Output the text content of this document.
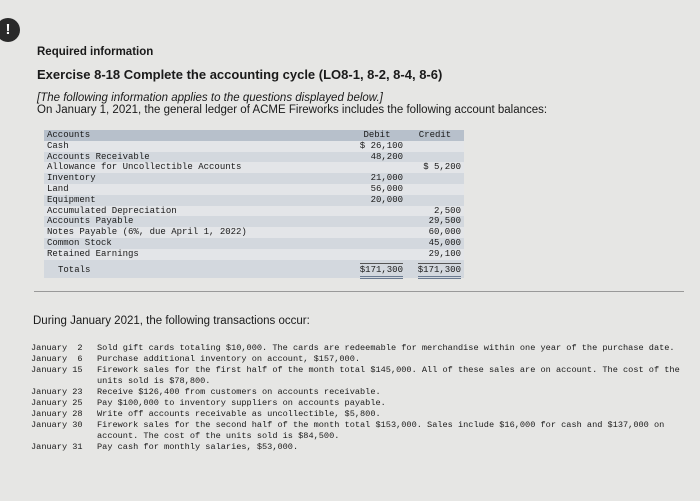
!
Required information
Exercise 8-18 Complete the accounting cycle (LO8-1, 8-2, 8-4, 8-6)
[The following information applies to the questions displayed below.]
On January 1, 2021, the general ledger of ACME Fireworks includes the following account balances:
Accounts	Debit	Credit
Cash	$ 26,100	
Accounts Receivable	48,200	
Allowance for Uncollectible Accounts		$ 5,200
Inventory	21,000	
Land	56,000	
Equipment	20,000	
Accumulated Depreciation		2,500
Accounts Payable		29,500
Notes Payable (6%, due April 1, 2022)		60,000
Common Stock		45,000
Retained Earnings		29,100
Totals	$171,300	$171,300
During January 2021, the following transactions occur:
January  2	Sold gift cards totaling $10,000. The cards are redeemable for merchandise within one year of the purchase date.
January  6	Purchase additional inventory on account, $157,000.
January 15	Firework sales for the first half of the month total $145,000. All of these sales are on account. The cost of the units sold is $78,800.
January 23	Receive $126,400 from customers on accounts receivable.
January 25	Pay $100,000 to inventory suppliers on accounts payable.
January 28	Write off accounts receivable as uncollectible, $5,800.
January 30	Firework sales for the second half of the month total $153,000. Sales include $16,000 for cash and $137,000 on account. The cost of the units sold is $84,500.
January 31	Pay cash for monthly salaries, $53,000.
